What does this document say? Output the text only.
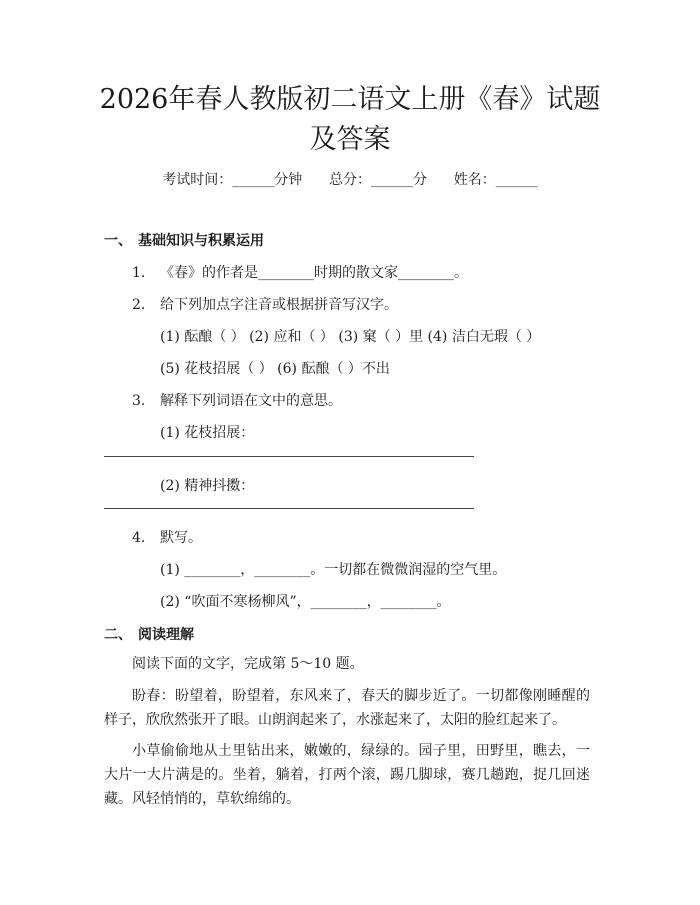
2026年春人教版初二语文上册《春》试题及答案
考试时间：______分钟      总分：______分      姓名：______
一、 基础知识与积累运用
1. 《春》的作者是________时期的散文家________。
2. 给下列加点字注音或根据拼音写汉字。
(1) 酝酿（ ） (2) 应和（ ） (3) 窠（ ）里 (4) 洁白无瑕（ ）
(5) 花枝招展（ ） (6) 酝酿（ ）不出
3. 解释下列词语在文中的意思。
(1) 花枝招展：
(2) 精神抖擞：
4. 默写。
(1) ________，________。一切都在微微润湿的空气里。
(2) “吹面不寒杨柳风”，________，________。
二、 阅读理解
阅读下面的文字，完成第 5～10 题。
盼春：盼望着，盼望着，东风来了，春天的脚步近了。一切都像刚睡醒的样子，欣欣然张开了眼。山朗润起来了，水涨起来了，太阳的脸红起来了。
小草偷偷地从土里钻出来，嫩嫩的，绿绿的。园子里，田野里，瞧去，一大片一大片满是的。坐着，躺着，打两个滚，踢几脚球，赛几趟跑，捉几回迷藏。风轻悄悄的，草软绵绵的。
